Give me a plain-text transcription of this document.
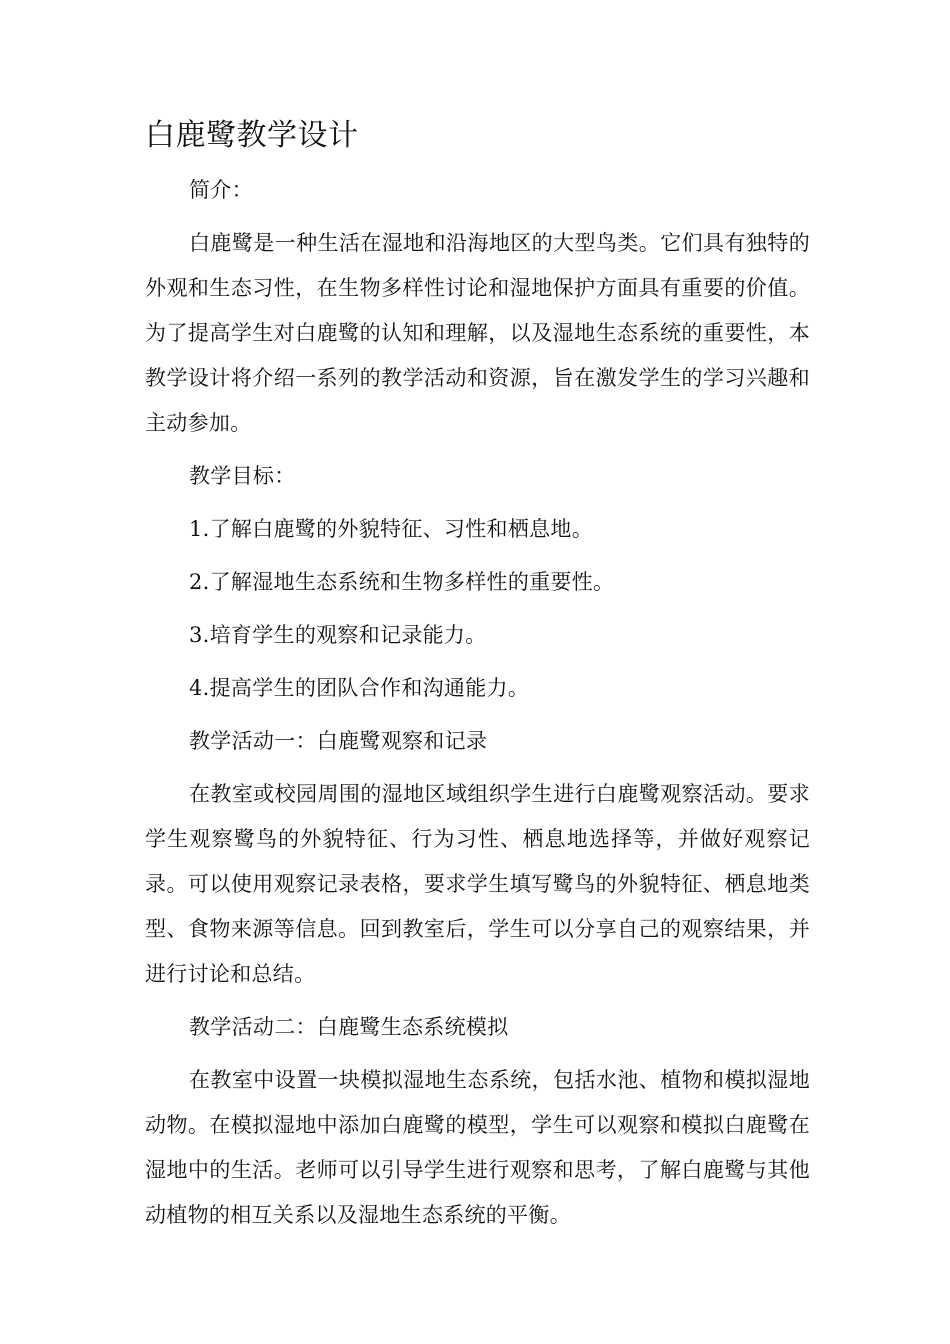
白鹿鹭教学设计

简介：

白鹿鹭是一种生活在湿地和沿海地区的大型鸟类。它们具有独特的外观和生态习性，在生物多样性讨论和湿地保护方面具有重要的价值。为了提高学生对白鹿鹭的认知和理解，以及湿地生态系统的重要性，本教学设计将介绍一系列的教学活动和资源，旨在激发学生的学习兴趣和主动参加。

教学目标：

1.了解白鹿鹭的外貌特征、习性和栖息地。

2.了解湿地生态系统和生物多样性的重要性。

3.培育学生的观察和记录能力。

4.提高学生的团队合作和沟通能力。

教学活动一：白鹿鹭观察和记录

在教室或校园周围的湿地区域组织学生进行白鹿鹭观察活动。要求学生观察鹭鸟的外貌特征、行为习性、栖息地选择等，并做好观察记录。可以使用观察记录表格，要求学生填写鹭鸟的外貌特征、栖息地类型、食物来源等信息。回到教室后，学生可以分享自己的观察结果，并进行讨论和总结。

教学活动二：白鹿鹭生态系统模拟

在教室中设置一块模拟湿地生态系统，包括水池、植物和模拟湿地动物。在模拟湿地中添加白鹿鹭的模型，学生可以观察和模拟白鹿鹭在湿地中的生活。老师可以引导学生进行观察和思考，了解白鹿鹭与其他动植物的相互关系以及湿地生态系统的平衡。
